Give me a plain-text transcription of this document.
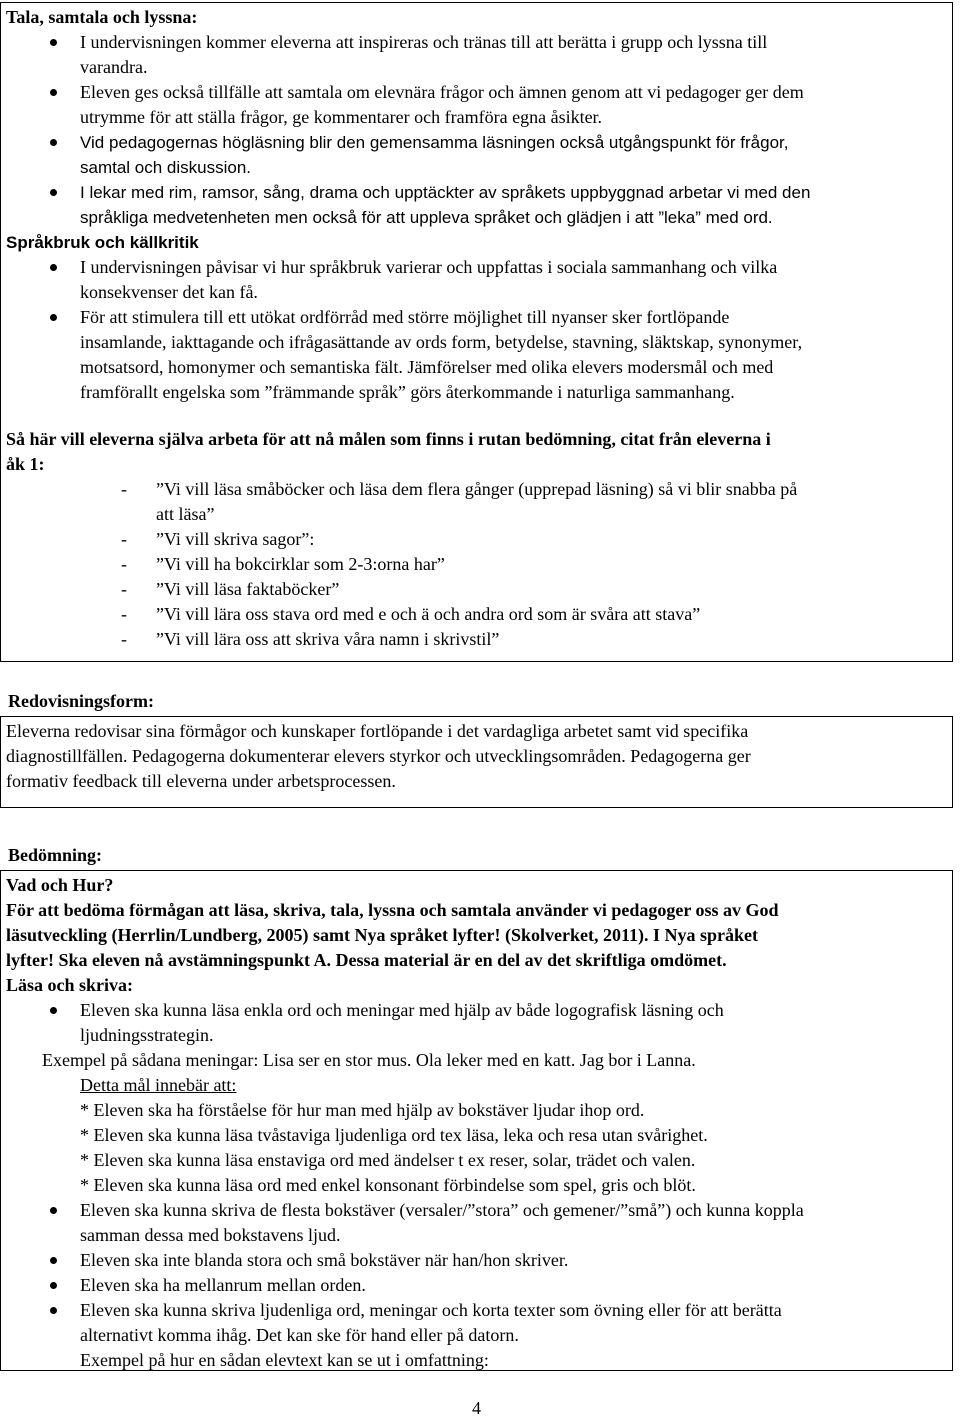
Tala, samtala och lyssna:
I undervisningen kommer eleverna att inspireras och tränas till att berätta i grupp och lyssna till
varandra.
Eleven ges också tillfälle att samtala om elevnära frågor och ämnen genom att vi pedagoger ger dem
utrymme för att ställa frågor, ge kommentarer och framföra egna åsikter.
Vid pedagogernas högläsning blir den gemensamma läsningen också utgångspunkt för frågor,
samtal och diskussion.
I lekar med rim, ramsor, sång, drama och upptäckter av språkets uppbyggnad arbetar vi med den
språkliga medvetenheten men också för att uppleva språket och glädjen i att ”leka” med ord.
Språkbruk och källkritik
I undervisningen påvisar vi hur språkbruk varierar och uppfattas i sociala sammanhang och vilka
konsekvenser det kan få.
För att stimulera till ett utökat ordförråd med större möjlighet till nyanser sker fortlöpande
insamlande, iakttagande och ifrågasättande av ords form, betydelse, stavning, släktskap, synonymer,
motsatsord, homonymer och semantiska fält. Jämförelser med olika elevers modersmål och med
framförallt engelska som ”främmande språk” görs återkommande i naturliga sammanhang.
Så här vill eleverna själva arbeta för att nå målen som finns i rutan bedömning, citat från eleverna i
åk 1:
- ”Vi vill läsa småböcker och läsa dem flera gånger (upprepad läsning) så vi blir snabba på
att läsa”
- ”Vi vill skriva sagor”:
- ”Vi vill ha bokcirklar som 2-3:orna har”
- ”Vi vill läsa faktaböcker”
- ”Vi vill lära oss stava ord med e och ä och andra ord som är svåra att stava”
- ”Vi vill lära oss att skriva våra namn i skrivstil”
Redovisningsform:
Eleverna redovisar sina förmågor och kunskaper fortlöpande i det vardagliga arbetet samt vid specifika
diagnostillfällen. Pedagogerna dokumenterar elevers styrkor och utvecklingsområden. Pedagogerna ger
formativ feedback till eleverna under arbetsprocessen.
Bedömning:
Vad och Hur?
För att bedöma förmågan att läsa, skriva, tala, lyssna och samtala använder vi pedagoger oss av God
läsutveckling (Herrlin/Lundberg, 2005) samt Nya språket lyfter! (Skolverket, 2011). I Nya språket
lyfter! Ska eleven nå avstämningspunkt A. Dessa material är en del av det skriftliga omdömet.
Läsa och skriva:
Eleven ska kunna läsa enkla ord och meningar med hjälp av både logografisk läsning och
ljudningsstrategin.
Exempel på sådana meningar: Lisa ser en stor mus. Ola leker med en katt. Jag bor i Lanna.
Detta mål innebär att:
* Eleven ska ha förståelse för hur man med hjälp av bokstäver ljudar ihop ord.
* Eleven ska kunna läsa tvåstaviga ljudenliga ord tex läsa, leka och resa utan svårighet.
* Eleven ska kunna läsa enstaviga ord med ändelser t ex reser, solar, trädet och valen.
* Eleven ska kunna läsa ord med enkel konsonant förbindelse som spel, gris och blöt.
Eleven ska kunna skriva de flesta bokstäver (versaler/”stora” och gemener/”små”) och kunna koppla
samman dessa med bokstavens ljud.
Eleven ska inte blanda stora och små bokstäver när han/hon skriver.
Eleven ska ha mellanrum mellan orden.
Eleven ska kunna skriva ljudenliga ord, meningar och korta texter som övning eller för att berätta
alternativt komma ihåg. Det kan ske för hand eller på datorn.
Exempel på hur en sådan elevtext kan se ut i omfattning:
4
